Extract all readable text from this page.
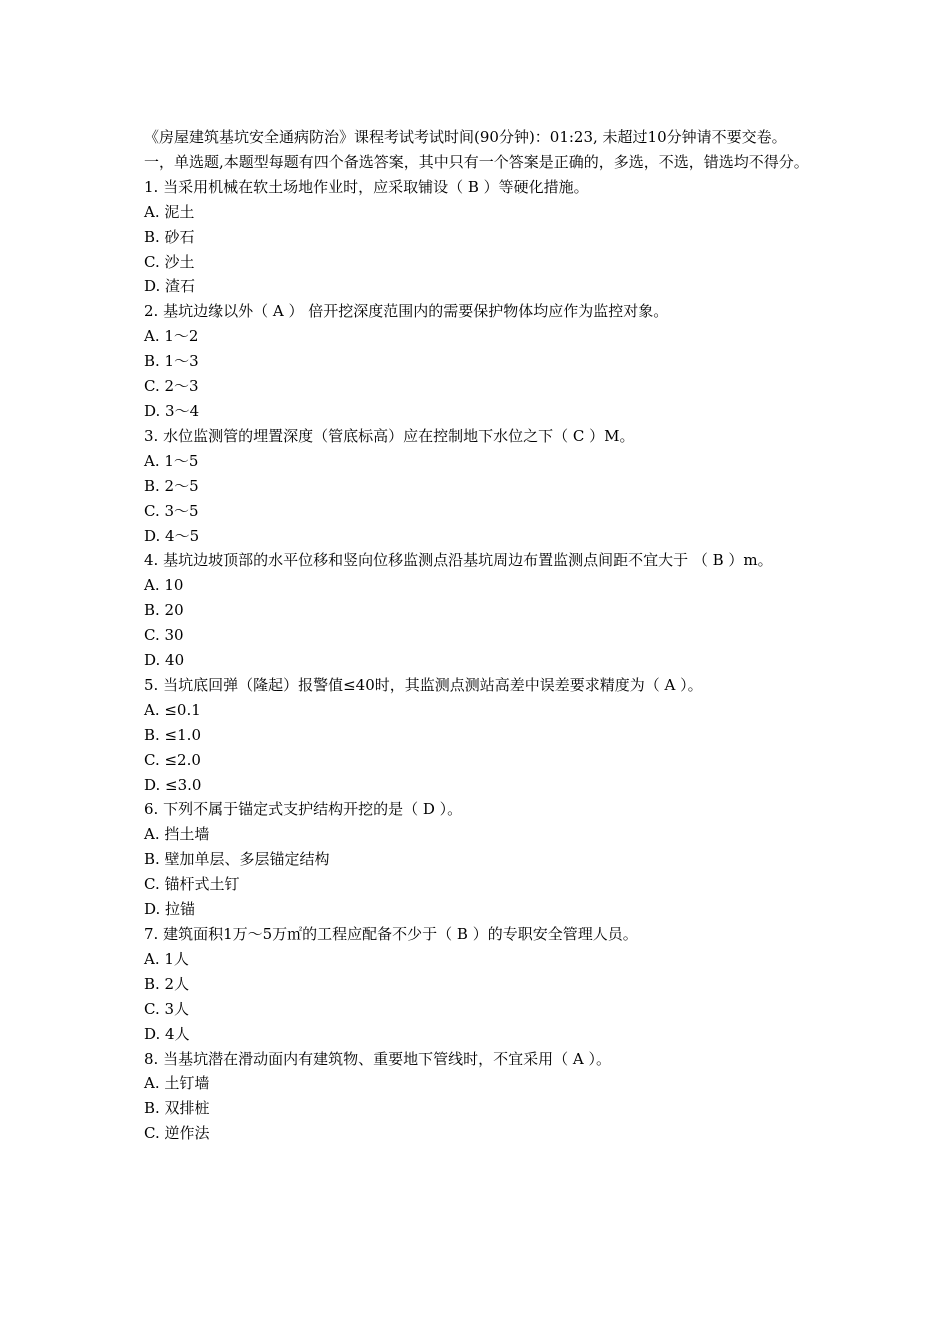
《房屋建筑基坑安全通病防治》课程考试考试时间(90分钟)：01:23, 未超过10分钟请不要交卷。
一，单选题,本题型每题有四个备选答案，其中只有一个答案是正确的，多选，不选，错选均不得分。
1. 当采用机械在软土场地作业时，应采取铺设（ B ）等硬化措施。
A. 泥土
B. 砂石
C. 沙土
D. 渣石
2. 基坑边缘以外（ A ） 倍开挖深度范围内的需要保护物体均应作为监控对象。
A. 1～2
B. 1～3
C. 2～3
D. 3～4
3. 水位监测管的埋置深度（管底标高）应在控制地下水位之下（ C ）M。
A. 1～5
B. 2～5
C. 3～5
D. 4～5
4. 基坑边坡顶部的水平位移和竖向位移监测点沿基坑周边布置监测点间距不宜大于 （ B ）m。
A. 10
B. 20
C. 30
D. 40
5. 当坑底回弹（隆起）报警值≤40时，其监测点测站高差中误差要求精度为（ A ）。
A. ≤0.1
B. ≤1.0
C. ≤2.0
D. ≤3.0
6. 下列不属于锚定式支护结构开挖的是（ D ）。
A. 挡土墙
B. 壁加单层、多层锚定结构
C. 锚杆式土钉
D. 拉锚
7. 建筑面积1万～5万㎡的工程应配备不少于（ B ）的专职安全管理人员。
A. 1人
B. 2人
C. 3人
D. 4人
8. 当基坑潜在滑动面内有建筑物、重要地下管线时，不宜采用（ A ）。
A. 土钉墙
B. 双排桩
C. 逆作法
